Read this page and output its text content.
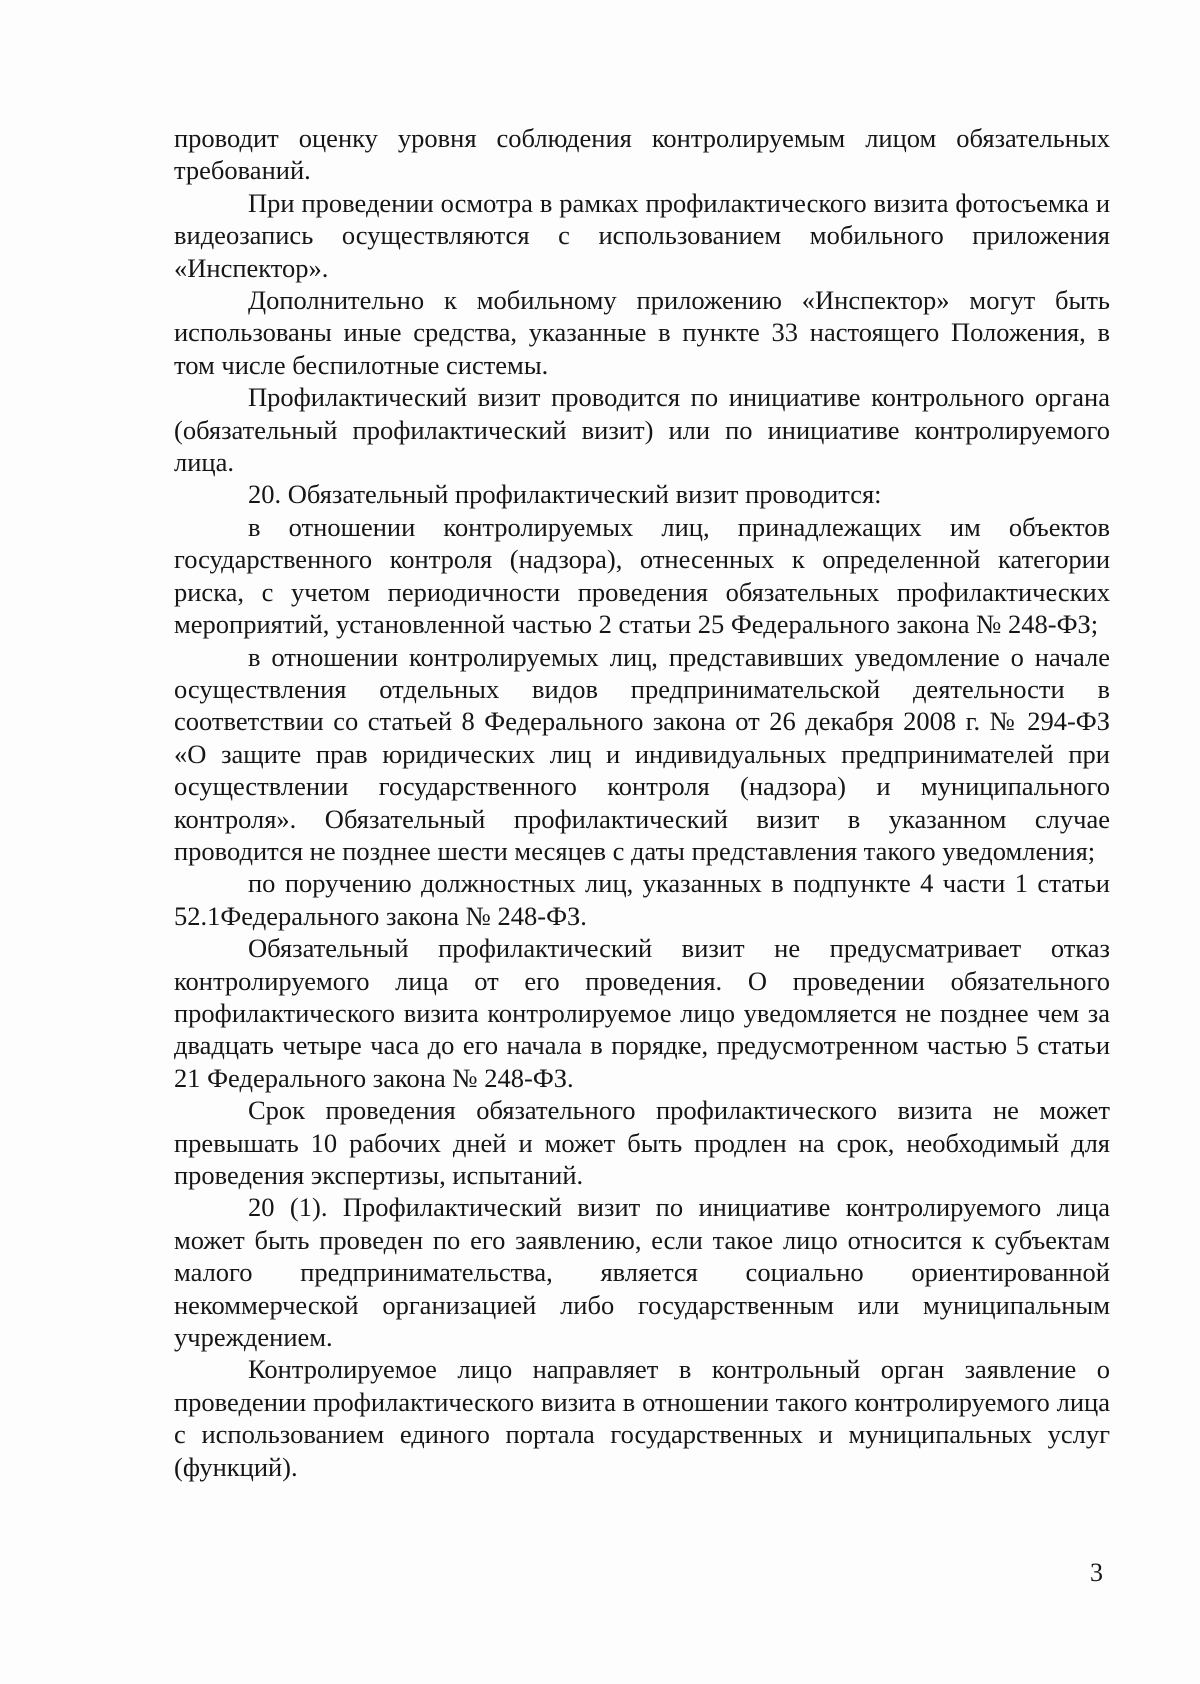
проводит оценку уровня соблюдения контролируемым лицом обязательных требований.

При проведении осмотра в рамках профилактического визита фотосъемка и видеозапись осуществляются с использованием мобильного приложения «Инспектор».

Дополнительно к мобильному приложению «Инспектор» могут быть использованы иные средства, указанные в пункте 33 настоящего Положения, в том числе беспилотные системы.

Профилактический визит проводится по инициативе контрольного органа (обязательный профилактический визит) или по инициативе контролируемого лица.

20. Обязательный профилактический визит проводится:

в отношении контролируемых лиц, принадлежащих им объектов государственного контроля (надзора), отнесенных к определенной категории риска, с учетом периодичности проведения обязательных профилактических мероприятий, установленной частью 2 статьи 25 Федерального закона № 248-ФЗ;

в отношении контролируемых лиц, представивших уведомление о начале осуществления отдельных видов предпринимательской деятельности в соответствии со статьей 8 Федерального закона от 26 декабря 2008 г. № 294-ФЗ «О защите прав юридических лиц и индивидуальных предпринимателей при осуществлении государственного контроля (надзора) и муниципального контроля». Обязательный профилактический визит в указанном случае проводится не позднее шести месяцев с даты представления такого уведомления;

по поручению должностных лиц, указанных в подпункте 4 части 1 статьи 52.1Федерального закона № 248-ФЗ.

Обязательный профилактический визит не предусматривает отказ контролируемого лица от его проведения. О проведении обязательного профилактического визита контролируемое лицо уведомляется не позднее чем за двадцать четыре часа до его начала в порядке, предусмотренном частью 5 статьи 21 Федерального закона № 248-ФЗ.

Срок проведения обязательного профилактического визита не может превышать 10 рабочих дней и может быть продлен на срок, необходимый для проведения экспертизы, испытаний.

20 (1). Профилактический визит по инициативе контролируемого лица может быть проведен по его заявлению, если такое лицо относится к субъектам малого предпринимательства, является социально ориентированной некоммерческой организацией либо государственным или муниципальным учреждением.

Контролируемое лицо направляет в контрольный орган заявление о проведении профилактического визита в отношении такого контролируемого лица с использованием единого портала государственных и муниципальных услуг (функций).

3
